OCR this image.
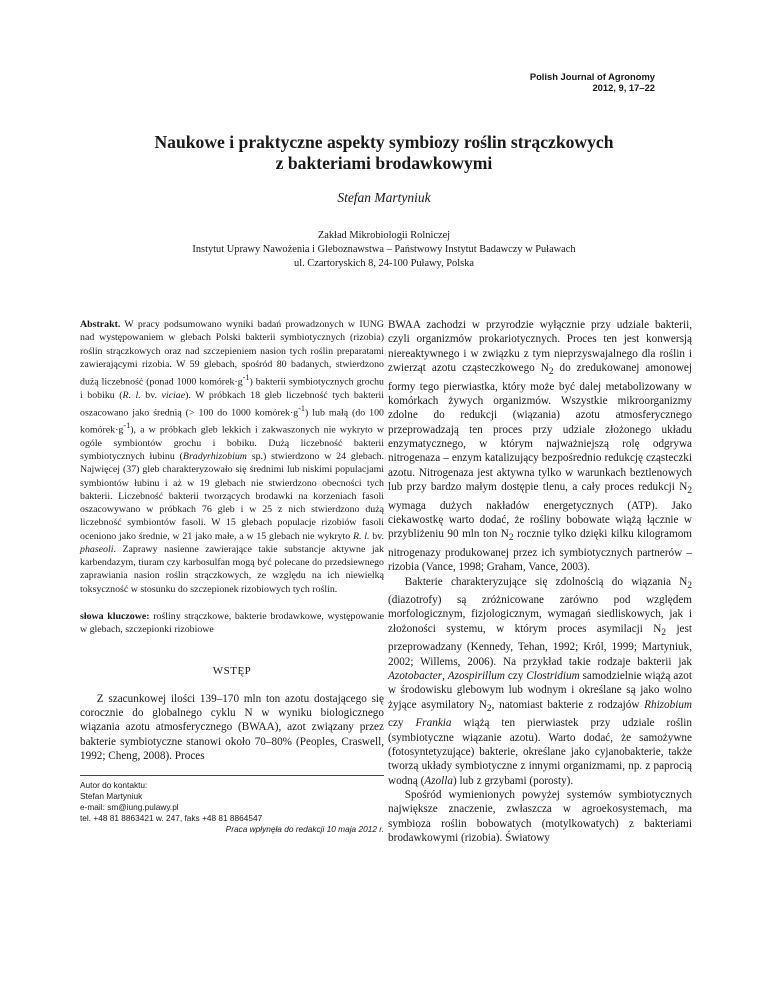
Polish Journal of Agronomy
2012, 9, 17–22
Naukowe i praktyczne aspekty symbiozy roślin strączkowych
z bakteriami brodawkowymi
Stefan Martyniuk
Zakład Mikrobiologii Rolniczej
Instytut Uprawy Nawożenia i Gleboznawstwa – Państwowy Instytut Badawczy w Puławach
ul. Czartoryskich 8, 24-100 Puławy, Polska

Abstrakt. W pracy podsumowano wyniki badań prowadzonych w IUNG nad występowaniem w glebach Polski bakterii symbiotycznych (rizobia) roślin strączkowych oraz nad szczepieniem nasion tych roślin preparatami zawierającymi rizobia. W 59 glebach, spośród 80 badanych, stwierdzono dużą liczebność (ponad 1000 $komórek\cdot g^{-1}$) bakterii symbiotycznych grochu i bobiku (R. l. bv. viciae). W próbkach 18 gleb liczebność tych bakterii oszacowano jako średnią (> 100 do 1000 $komórek\cdot g^{-1}$) lub małą (do 100 $komórek\cdot g^{-1}$), a w próbkach gleb lekkich i zakwaszonych nie wykryto w ogóle symbiontów grochu i bobiku. Dużą liczebność bakterii symbiotycznych łubinu (Bradyrhizobium sp.) stwierdzono w 24 glebach. Najwięcej (37) gleb charakteryzowało się średnimi lub niskimi populacjami symbiontów łubinu i aż w 19 glebach nie stwierdzono obecności tych bakterii. Liczebność bakterii tworzących brodawki na korzeniach fasoli oszacowywano w próbkach 76 gleb i w 25 z nich stwierdzono dużą liczebność symbiontów fasoli. W 15 glebach populacje rizobiów fasoli oceniono jako średnie, w 21 jako małe, a w 15 glebach nie wykryto R. l. bv. phaseoli. Zaprawy nasienne zawierające takie substancje aktywne jak karbendazym, tiuram czy karbosulfan mogą być polecane do przedsiewnego zaprawiania nasion roślin strączkowych, ze względu na ich niewielką toksyczność w stosunku do szczepionek rizobiowych tych roślin.

słowa kluczowe: rośliny strączkowe, bakterie brodawkowe, występowanie w glebach, szczepionki rizobiowe

WSTĘP

Z szacunkowej ilości 139–170 mln ton azotu dostającego się corocznie do globalnego cyklu N w wyniku biologicznego wiązania azotu atmosferycznego (BWAA), azot związany przez bakterie symbiotyczne stanowi około 70–80% (Peoples, Craswell, 1992; Cheng, 2008). Proces

Autor do kontaktu:
Stefan Martyniuk
e-mail: sm@iung.pulawy.pl
tel. +48 81 8863421 w. 247, faks +48 81 8864547
Praca wpłynęła do redakcji 10 maja 2012 r.

BWAA zachodzi w przyrodzie wyłącznie przy udziale bakterii, czyli organizmów prokariotycznych. Proces ten jest konwersją niereaktywnego i w związku z tym nieprzyswajalnego dla roślin i zwierząt azotu cząsteczkowego $N_2$ do zredukowanej amonowej formy tego pierwiastka, który może być dalej metabolizowany w komórkach żywych organizmów. Wszystkie mikroorganizmy zdolne do redukcji (wiązania) azotu atmosferycznego przeprowadzają ten proces przy udziale złożonego układu enzymatycznego, w którym najważniejszą rolę odgrywa nitrogenaza – enzym katalizujący bezpośrednio redukcję cząsteczki azotu. Nitrogenaza jest aktywna tylko w warunkach beztlenowych lub przy bardzo małym dostępie tlenu, a cały proces redukcji $N_2$ wymaga dużych nakładów energetycznych (ATP). Jako ciekawostkę warto dodać, że rośliny bobowate wiążą łącznie w przybliżeniu 90 mln ton $N_2$ rocznie tylko dzięki kilku kilogramom nitrogenazy produkowanej przez ich symbiotycznych partnerów – rizobia (Vance, 1998; Graham, Vance, 2003).

Bakterie charakteryzujące się zdolnością do wiązania $N_2$ (diazotrofy) są zróżnicowane zarówno pod względem morfologicznym, fizjologicznym, wymagań siedliskowych, jak i złożoności systemu, w którym proces asymilacji $N_2$ jest przeprowadzany (Kennedy, Tehan, 1992; Król, 1999; Martyniuk, 2002; Willems, 2006). Na przykład takie rodzaje bakterii jak Azotobacter, Azospirillum czy Clostridium samodzielnie wiążą azot w środowisku glebowym lub wodnym i określane są jako wolno żyjące asymilatory $N_2$, natomiast bakterie z rodzajów Rhizobium czy Frankia wiążą ten pierwiastek przy udziale roślin (symbiotyczne wiązanie azotu). Warto dodać, że samożywne (fotosyntetyzujące) bakterie, określane jako cyjanobakterie, także tworzą układy symbiotyczne z innymi organizmami, np. z paprocią wodną (Azolla) lub z grzybami (porosty).

Spośród wymienionych powyżej systemów symbiotycznych największe znaczenie, zwłaszcza w agroekosystemach, ma symbioza roślin bobowatych (motylkowatych) z bakteriami brodawkowymi (rizobia). Światowy
